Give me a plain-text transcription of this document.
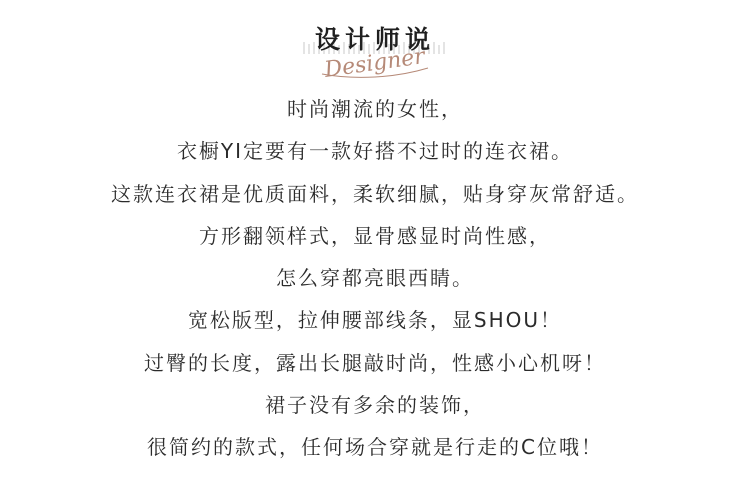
设计师说
Designer
时尚潮流的女性，
衣橱YI定要有一款好搭不过时的连衣裙。
这款连衣裙是优质面料，柔软细腻，贴身穿灰常舒适。
方形翻领样式，显骨感显时尚性感，
怎么穿都亮眼西睛。
宽松版型，拉伸腰部线条，显SHOU！
过臀的长度，露出长腿敲时尚，性感小心机呀！
裙子没有多余的装饰，
很简约的款式，任何场合穿就是行走的C位哦！
